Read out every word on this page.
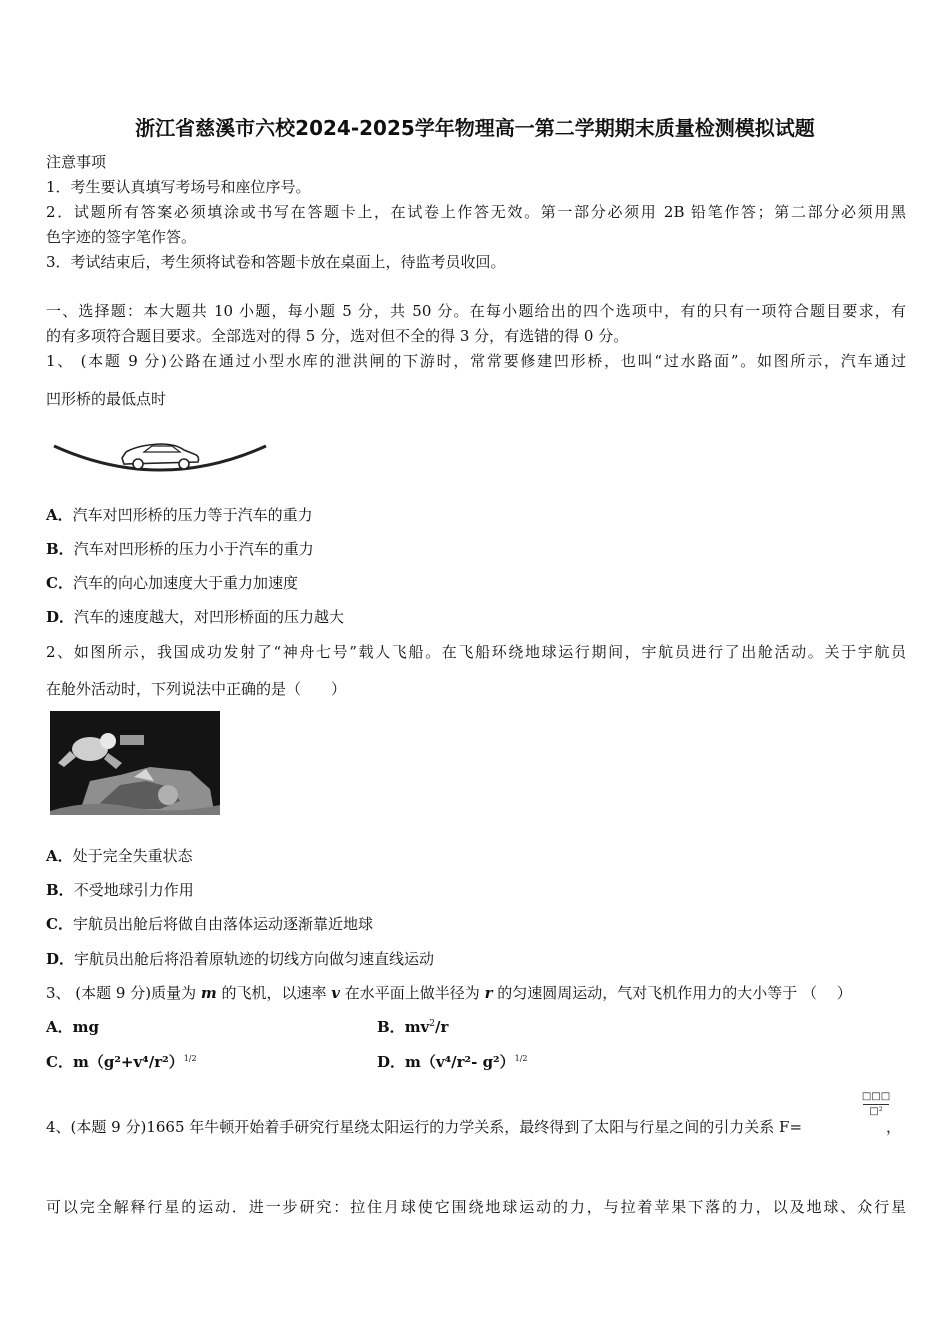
浙江省慈溪市六校2024-2025学年物理高一第二学期期末质量检测模拟试题
注意事项
1．考生要认真填写考场号和座位序号。
2．试题所有答案必须填涂或书写在答题卡上，在试卷上作答无效。第一部分必须用 2B 铅笔作答；第二部分必须用黑
色字迹的签字笔作答。
3．考试结束后，考生须将试卷和答题卡放在桌面上，待监考员收回。
一、选择题：本大题共 10 小题，每小题 5 分，共 50 分。在每小题给出的四个选项中，有的只有一项符合题目要求，有
的有多项符合题目要求。全部选对的得 5 分，选对但不全的得 3 分，有选错的得 0 分。
1、 (本题 9 分)公路在通过小型水库的泄洪闸的下游时，常常要修建凹形桥，也叫“过水路面”。如图所示，汽车通过
凹形桥的最低点时
A．汽车对凹形桥的压力等于汽车的重力
B．汽车对凹形桥的压力小于汽车的重力
C．汽车的向心加速度大于重力加速度
D．汽车的速度越大，对凹形桥面的压力越大
2、如图所示，我国成功发射了“神舟七号”载人飞船。在飞船环绕地球运行期间，宇航员进行了出舱活动。关于宇航员
在舱外活动时，下列说法中正确的是（　　）
A．处于完全失重状态
B．不受地球引力作用
C．宇航员出舱后将做自由落体运动逐渐靠近地球
D．宇航员出舱后将沿着原轨迹的切线方向做匀速直线运动
3、 (本题 9 分)质量为 m 的飞机，以速率 v 在水平面上做半径为 r 的匀速圆周运动，气对飞机作用力的大小等于 （　 ）
A．mg	B．$mv^2/r$
C．$m(g^2+v^4/r^2)^{1/2}$	D．m（v⁴/r²- g²）$^{1/2}$
□□□
□²
4、(本题 9 分)1665 年牛顿开始着手研究行星绕太阳运行的力学关系，最终得到了太阳与行星之间的引力关系 F=	，
可以完全解释行星的运动．进一步研究：拉住月球使它围绕地球运动的力，与拉着苹果下落的力，以及地球、众行星
